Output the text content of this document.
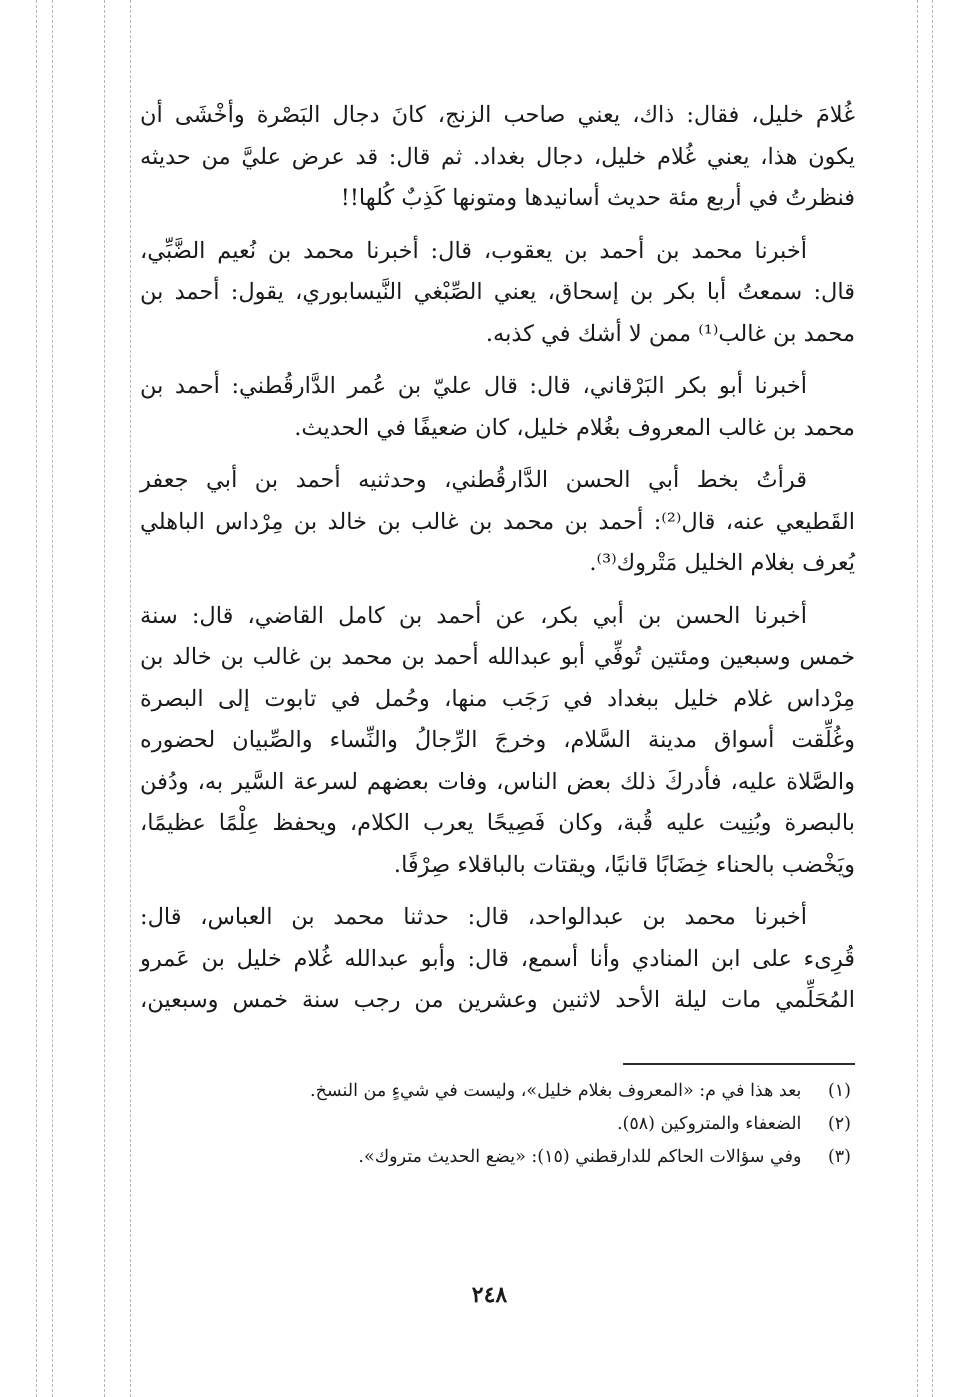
غُلامَ خليل، فقال: ذاك، يعني صاحب الزنج، كانَ دجال البَصْرة وأخْشَى أن
يكون هذا، يعني غُلام خليل، دجال بغداد. ثم قال: قد عرض عليَّ من حديثه
فنظرتُ في أربع مئة حديث أسانيدها ومتونها كَذِبٌ كُلها!!

أخبرنا محمد بن أحمد بن يعقوب، قال: أخبرنا محمد بن نُعيم الضَّبِّي،
قال: سمعتُ أبا بكر بن إسحاق، يعني الصِّبْغي النَّيسابوري، يقول: أحمد بن
محمد بن غالب⁽¹⁾ ممن لا أشك في كذبه.

أخبرنا أبو بكر البَرْقاني، قال: قال عليّ بن عُمر الدَّارقُطني: أحمد بن
محمد بن غالب المعروف بغُلام خليل، كان ضعيفًا في الحديث.

قرأتُ بخط أبي الحسن الدَّارقُطني، وحدثنيه أحمد بن أبي جعفر
القَطيعي عنه، قال⁽²⁾: أحمد بن محمد بن غالب بن خالد بن مِرْداس الباهلي
يُعرف بغلام الخليل مَتْروك⁽³⁾.

أخبرنا الحسن بن أبي بكر، عن أحمد بن كامل القاضي، قال: سنة
خمس وسبعين ومئتين تُوفِّي أبو عبدالله أحمد بن محمد بن غالب بن خالد بن
مِرْداس غلام خليل ببغداد في رَجَب منها، وحُمل في تابوت إلى البصرة
وغُلِّقت أسواق مدينة السَّلام، وخرجَ الرِّجالُ والنِّساء والصِّبيان لحضوره
والصَّلاة عليه، فأدركَ ذلك بعض الناس، وفات بعضهم لسرعة السَّير به، ودُفن
بالبصرة وبُنِيت عليه قُبة، وكان فَصِيحًا يعرب الكلام، ويحفظ عِلْمًا عظيمًا،
ويَخْضب بالحناء خِضَابًا قانيًا، ويقتات بالباقلاء صِرْفًا.

أخبرنا محمد بن عبدالواحد، قال: حدثنا محمد بن العباس، قال:
قُرِىء على ابن المنادي وأنا أسمع، قال: وأبو عبدالله غُلام خليل بن عَمرو
المُحَلِّمي مات ليلة الأحد لاثنين وعشرين من رجب سنة خمس وسبعين،

(١) بعد هذا في م: «المعروف بغلام خليل»، وليست في شيءٍ من النسخ.
(٢) الضعفاء والمتروكين (٥٨).
(٣) وفي سؤالات الحاكم للدارقطني (١٥): «يضع الحديث متروك».
٢٤٨
